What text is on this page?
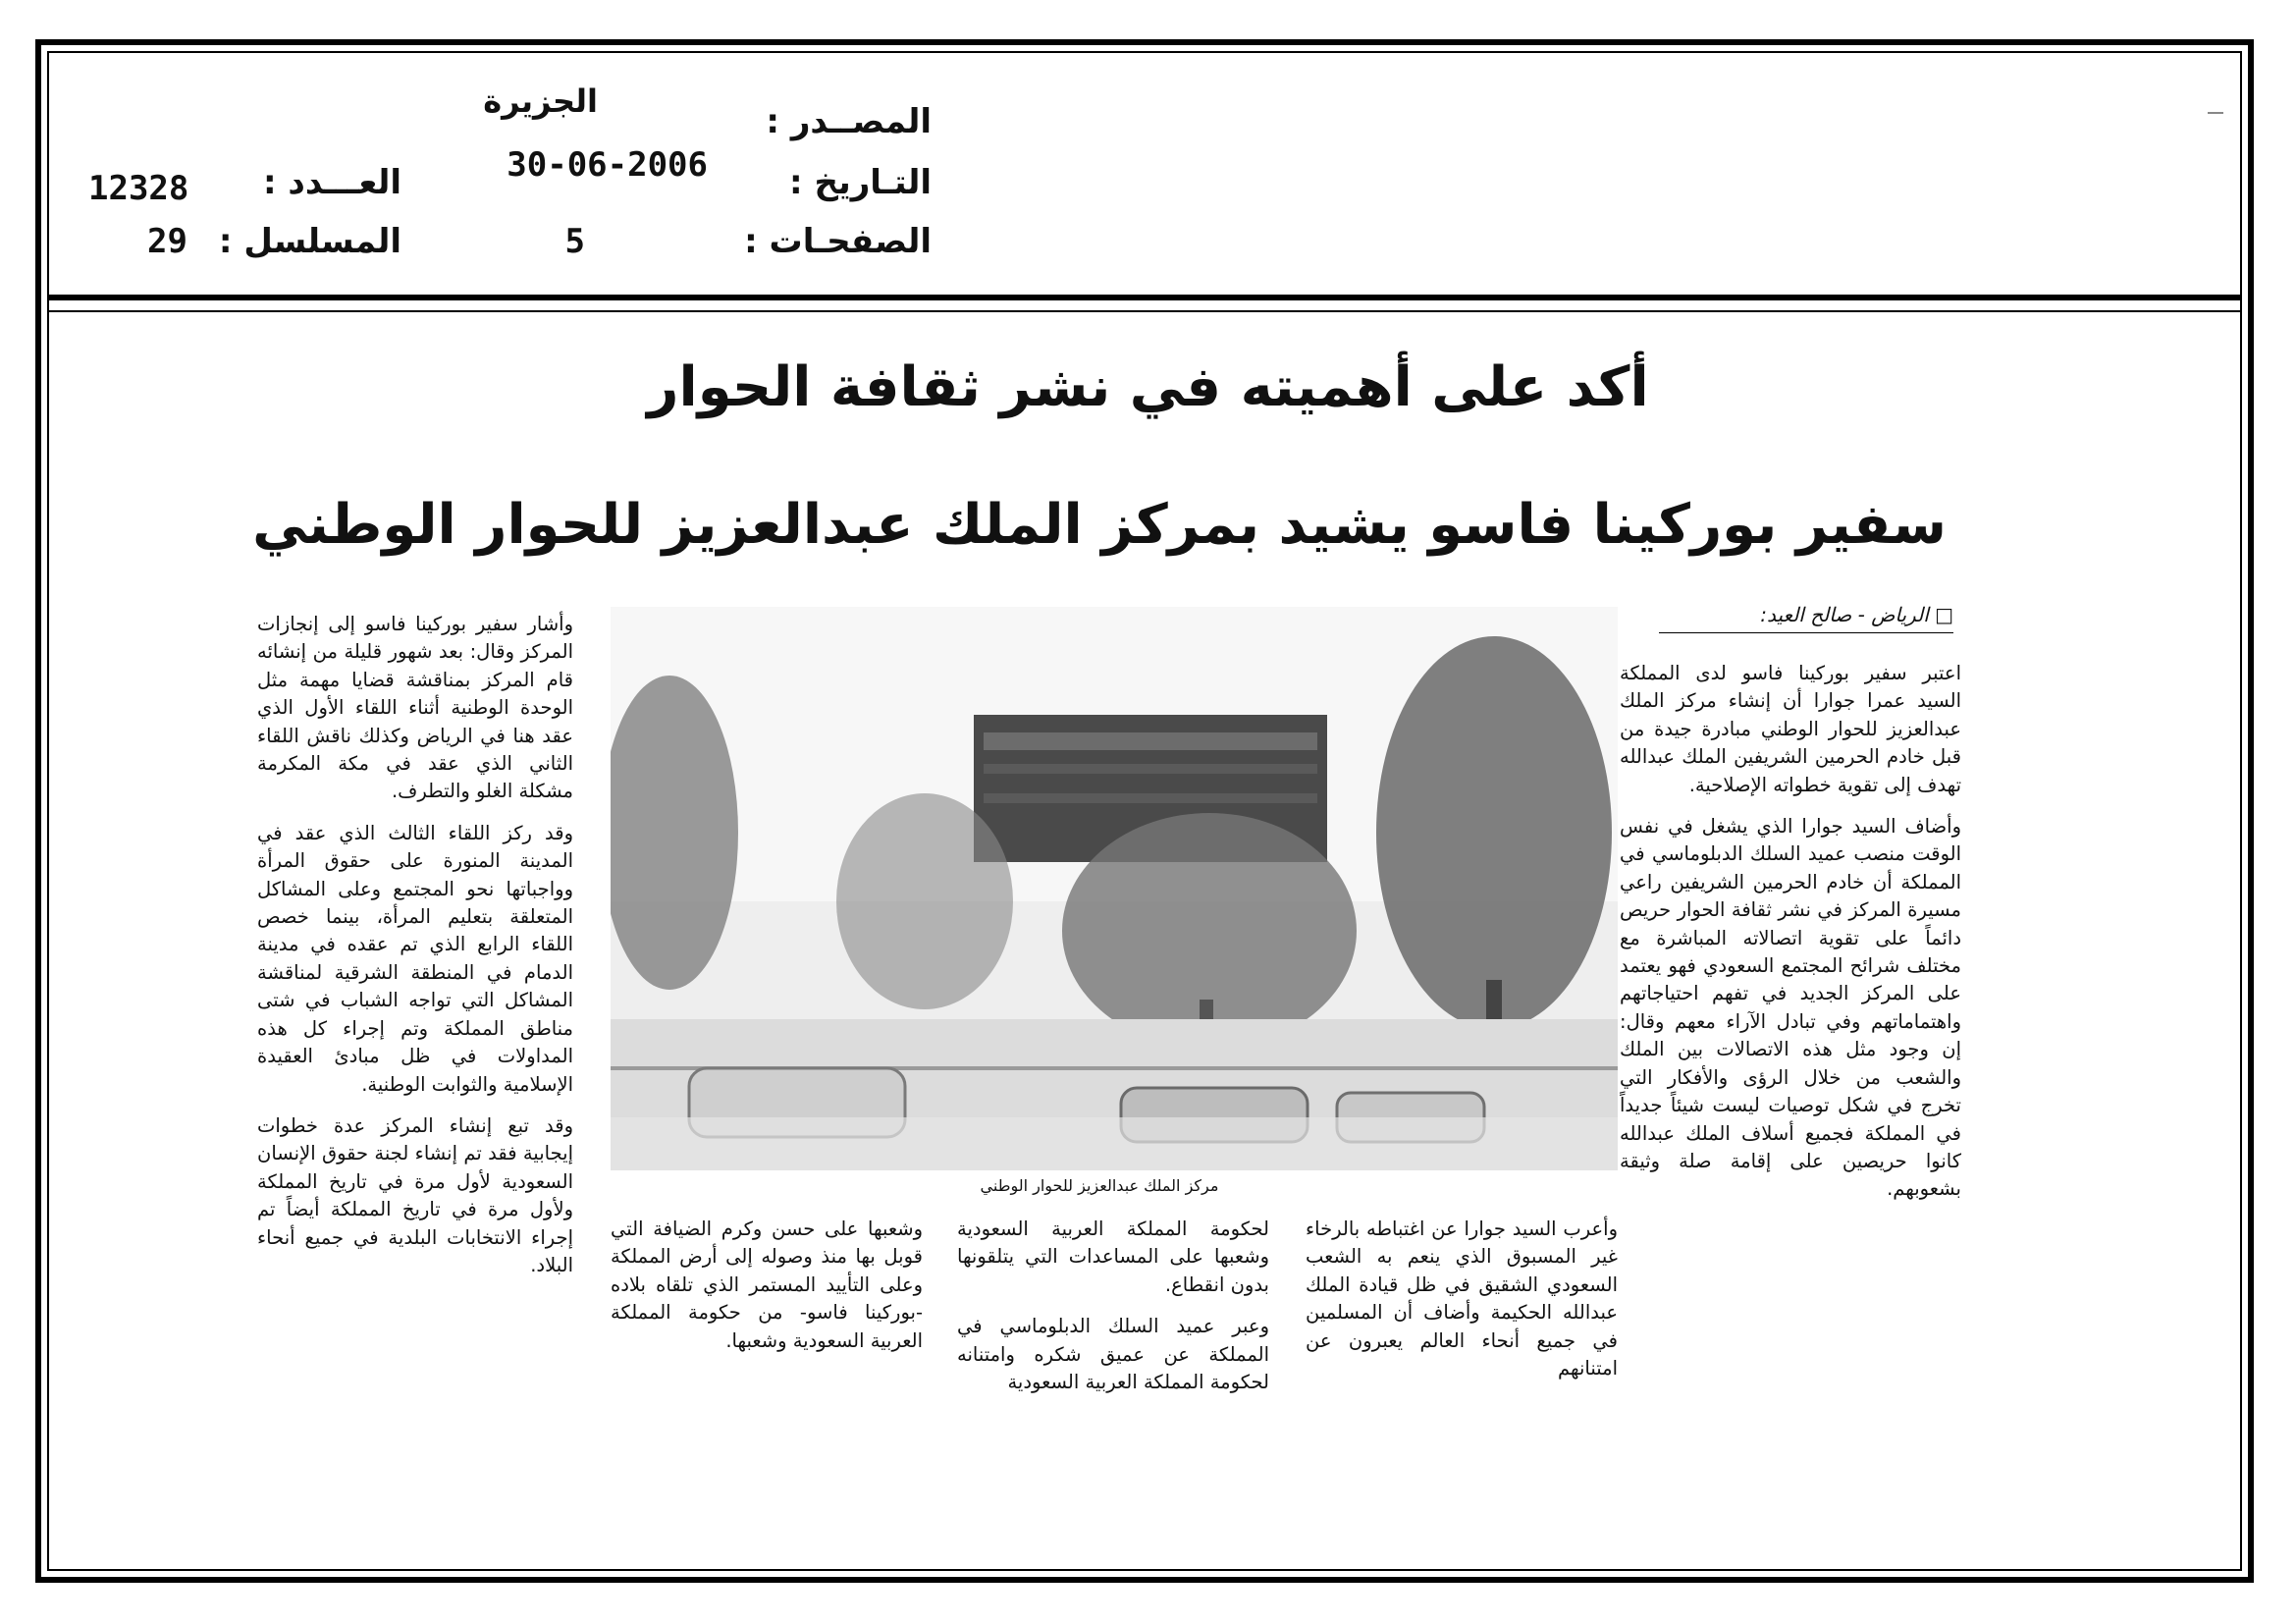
الجزيرة
المصــدر :
30-06-2006 التـاريخ :
5	الصفحـات :
العـــدد :
12328
المسلسل :
29
أكد على أهميته في نشر ثقافة الحوار
سفير بوركينا فاسو يشيد بمركز الملك عبدالعزيز للحوار الوطني
□ الرياض - صالح العيد:

اعتبر سفير بوركينا فاسو لدى المملكة السيد عمرا جوارا أن إنشاء مركز الملك عبدالعزيز للحوار الوطني مبادرة جيدة من قبل خادم الحرمين الشريفين الملك عبدالله تهدف إلى تقوية خطواته الإصلاحية.

وأضاف السيد جوارا الذي يشغل في نفس الوقت منصب عميد السلك الدبلوماسي في المملكة أن خادم الحرمين الشريفين راعي مسيرة المركز في نشر ثقافة الحوار حريص دائماً على تقوية اتصالاته المباشرة مع مختلف شرائح المجتمع السعودي فهو يعتمد على المركز الجديد في تفهم احتياجاتهم واهتماماتهم وفي تبادل الآراء معهم وقال: إن وجود مثل هذه الاتصالات بين الملك والشعب من خلال الرؤى والأفكار التي تخرج في شكل توصيات ليست شيئاً جديداً في المملكة فجميع أسلاف الملك عبدالله كانوا حريصين على إقامة صلة وثيقة بشعوبهم.

مركز الملك عبدالعزيز للحوار الوطني

وأعرب السيد جوارا عن اغتباطه بالرخاء غير المسبوق الذي ينعم به الشعب السعودي الشقيق في ظل قيادة الملك عبدالله الحكيمة وأضاف أن المسلمين في جميع أنحاء العالم يعبرون عن امتنانهم

لحكومة المملكة العربية السعودية وشعبها على المساعدات التي يتلقونها بدون انقطاع.

وعبر عميد السلك الدبلوماسي في المملكة عن عميق شكره وامتنانه لحكومة المملكة العربية السعودية

وشعبها على حسن وكرم الضيافة التي قوبل بها منذ وصوله إلى أرض المملكة وعلى التأييد المستمر الذي تلقاه بلاده -بوركينا فاسو- من حكومة المملكة العربية السعودية وشعبها.

وأشار سفير بوركينا فاسو إلى إنجازات المركز وقال: بعد شهور قليلة من إنشائه قام المركز بمناقشة قضايا مهمة مثل الوحدة الوطنية أثناء اللقاء الأول الذي عقد هنا في الرياض وكذلك ناقش اللقاء الثاني الذي عقد في مكة المكرمة مشكلة الغلو والتطرف.

وقد ركز اللقاء الثالث الذي عقد في المدينة المنورة على حقوق المرأة وواجباتها نحو المجتمع وعلى المشاكل المتعلقة بتعليم المرأة، بينما خصص اللقاء الرابع الذي تم عقده في مدينة الدمام في المنطقة الشرقية لمناقشة المشاكل التي تواجه الشباب في شتى مناطق المملكة وتم إجراء كل هذه المداولات في ظل مبادئ العقيدة الإسلامية والثوابت الوطنية.

وقد تبع إنشاء المركز عدة خطوات إيجابية فقد تم إنشاء لجنة حقوق الإنسان السعودية لأول مرة في تاريخ المملكة ولأول مرة في تاريخ المملكة أيضاً تم إجراء الانتخابات البلدية في جميع أنحاء البلاد.
